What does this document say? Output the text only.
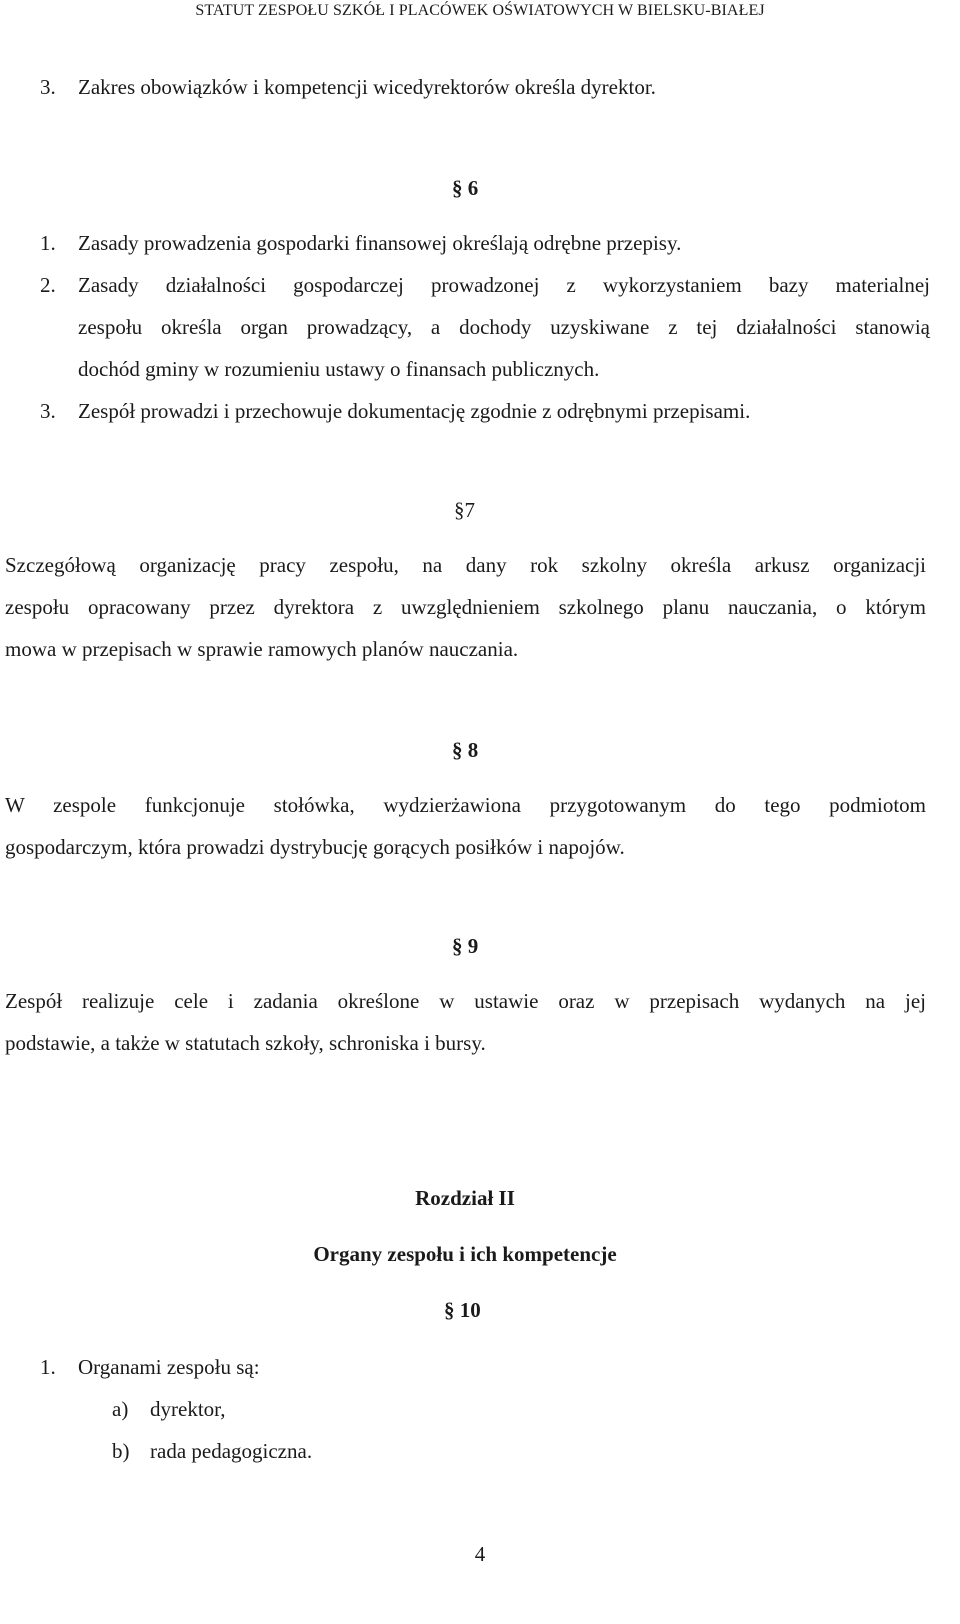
STATUT ZESPOŁU SZKÓŁ I PLACÓWEK OŚWIATOWYCH W BIELSKU-BIAŁEJ
3. Zakres obowiązków i kompetencji wicedyrektorów określa dyrektor.
§ 6
1. Zasady prowadzenia gospodarki finansowej określają odrębne przepisy.
2. Zasady działalności gospodarczej prowadzonej z wykorzystaniem bazy materialnej
zespołu określa organ prowadzący, a dochody uzyskiwane z tej działalności stanowią
dochód gminy w rozumieniu ustawy o finansach publicznych.
3. Zespół prowadzi i przechowuje dokumentację zgodnie z odrębnymi przepisami.
§7
Szczegółową organizację pracy zespołu, na dany rok szkolny określa arkusz organizacji
zespołu opracowany przez dyrektora z uwzględnieniem szkolnego planu nauczania, o którym
mowa w przepisach w sprawie ramowych planów nauczania.
§ 8
W zespole funkcjonuje stołówka, wydzierżawiona przygotowanym do tego podmiotom
gospodarczym, która prowadzi dystrybucję gorących posiłków i napojów.
§ 9
Zespół realizuje cele i zadania określone w ustawie oraz w przepisach wydanych na jej
podstawie, a także w statutach szkoły, schroniska i bursy.
Rozdział II
Organy zespołu i ich kompetencje
§ 10
1. Organami zespołu są:
a) dyrektor,
b) rada pedagogiczna.
4
